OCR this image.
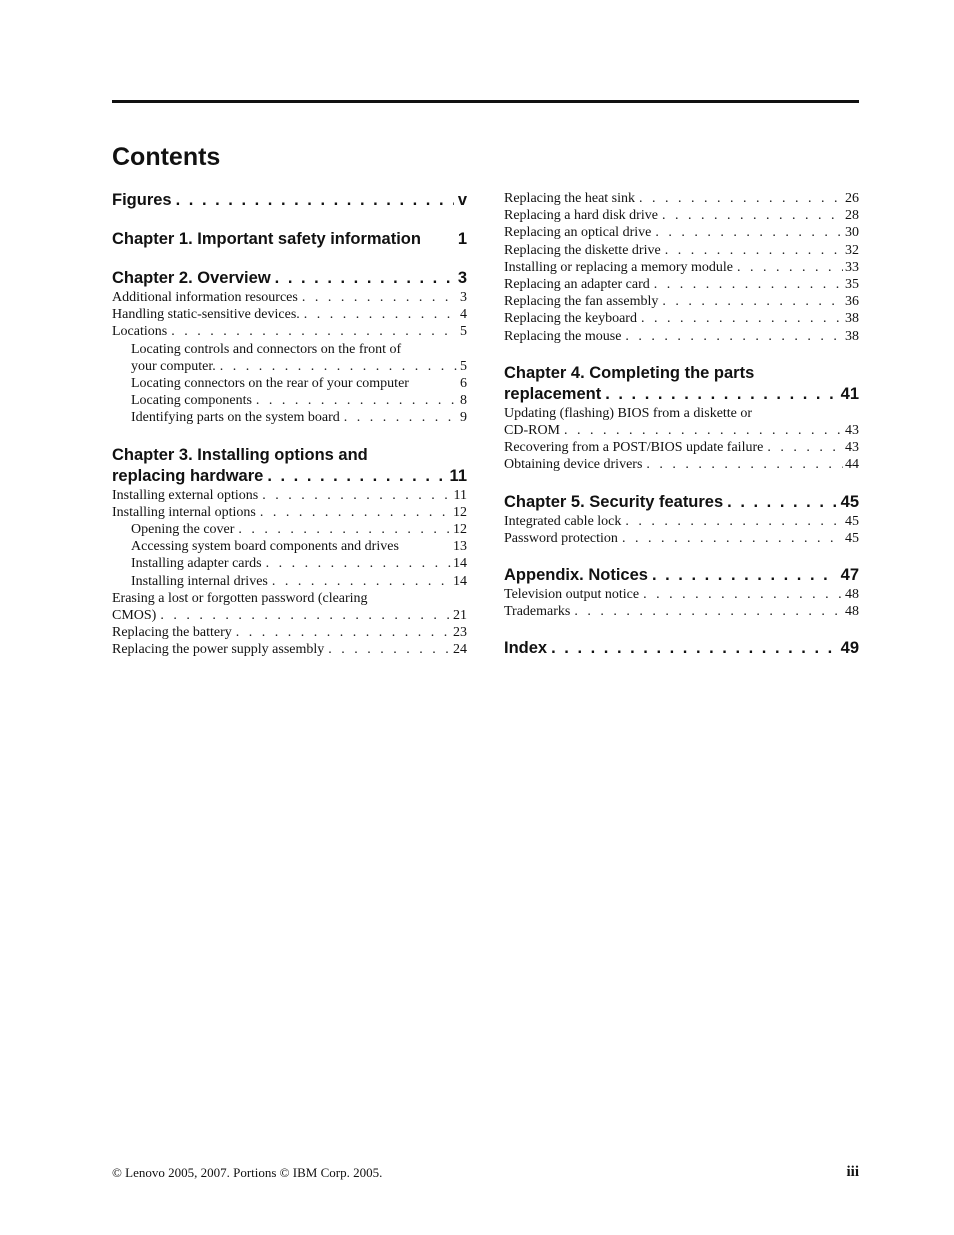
Contents
Figures . . .	v
Chapter 1. Important safety information 1
Chapter 2. Overview . . .	3
Additional information resources . . .	3
Handling static-sensitive devices. . . .	4
Locations . . .	5
Locating controls and connectors on the front of
your computer. . . .	5
Locating connectors on the rear of your computer	6
Locating components . . .	8
Identifying parts on the system board . . .	9
Chapter 3. Installing options and
replacing hardware . . .	11
Installing external options . . .	11
Installing internal options . . .	12
Opening the cover . . .	12
Accessing system board components and drives	13
Installing adapter cards . . .	14
Installing internal drives . . .	14
Erasing a lost or forgotten password (clearing
CMOS) . . .	21
Replacing the battery . . .	23
Replacing the power supply assembly . . .	24
Replacing the heat sink . . .	26
Replacing a hard disk drive . . .	28
Replacing an optical drive . . .	30
Replacing the diskette drive . . .	32
Installing or replacing a memory module . . .	33
Replacing an adapter card . . .	35
Replacing the fan assembly . . .	36
Replacing the keyboard . . .	38
Replacing the mouse . . .	38
Chapter 4. Completing the parts
replacement . . .	41
Updating (flashing) BIOS from a diskette or
CD-ROM . . .	43
Recovering from a POST/BIOS update failure . . .	43
Obtaining device drivers . . .	44
Chapter 5. Security features . . .	45
Integrated cable lock . . .	45
Password protection . . .	45
Appendix. Notices . . .	47
Television output notice . . .	48
Trademarks . . .	48
Index . . .	49
© Lenovo 2005, 2007. Portions © IBM Corp. 2005.	iii
